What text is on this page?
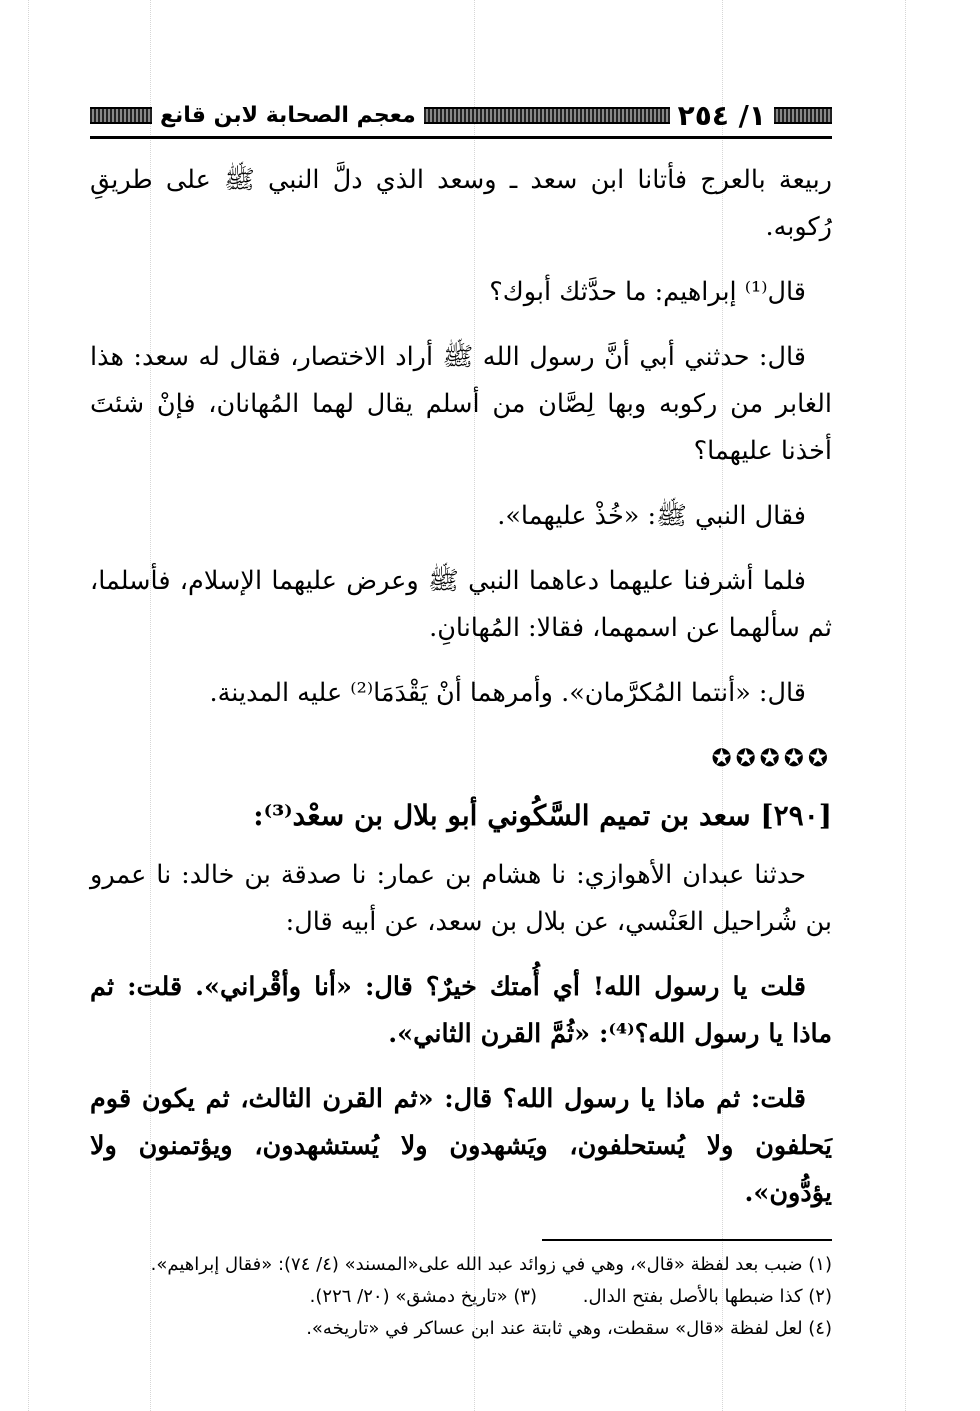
١/ ٢٥٤
معجم الصحابة لابن قانع

ربيعة بالعرج فأتانا ابن سعد ـ وسعد الذي دلَّ النبي ﷺ على طريقِ رُكوبه.

قال⁽¹⁾ إبراهيم: ما حدَّثك أبوك؟

قال: حدثني أبي أنَّ رسول الله ﷺ أراد الاختصار، فقال له سعد: هذا الغابر من ركوبه وبها لِصَّان من أسلم يقال لهما المُهانان، فإنْ شئتَ أخذنا عليهما؟

فقال النبي ﷺ: «خُذْ عليهما».

فلما أشرفنا عليهما دعاهما النبي ﷺ وعرض عليهما الإسلام، فأسلما، ثم سألهما عن اسمهما، فقالا: المُهانانِ.

قال: «أنتما المُكرَّمان». وأمرهما أنْ يَقْدَمَا⁽²⁾ عليه المدينة.

✪✪✪✪✪
[٢٩٠] سعد بن تميم السَّكُوني أبو بلال بن سعْد⁽³⁾:

حدثنا عبدان الأهوازي: نا هشام بن عمار: نا صدقة بن خالد: نا عمرو بن شُراحيل العَنْسي، عن بلال بن سعد، عن أبيه قال:

قلت يا رسول الله! أي أُمتك خيرٌ؟ قال: «أنا وأقْراني». قلت: ثم ماذا يا رسول الله؟⁽⁴⁾: «ثُمَّ القرن الثاني».

قلت: ثم ماذا يا رسول الله؟ قال: «ثم القرن الثالث، ثم يكون قوم يَحلفون ولا يُستحلفون، ويَشهدون ولا يُستشهدون، ويؤتمنون ولا يؤدُّون».

(١) ضبب بعد لفظة «قال»، وهي في زوائد عبد الله على«المسند» (٤/ ٧٤): «فقال إبراهيم».
(٢) كذا ضبطها بالأصل بفتح الدال. (٣) «تاريخ دمشق» (٢٠/ ٢٢٦).
(٤) لعل لفظة «قال» سقطت، وهي ثابتة عند ابن عساكر في «تاريخه».
